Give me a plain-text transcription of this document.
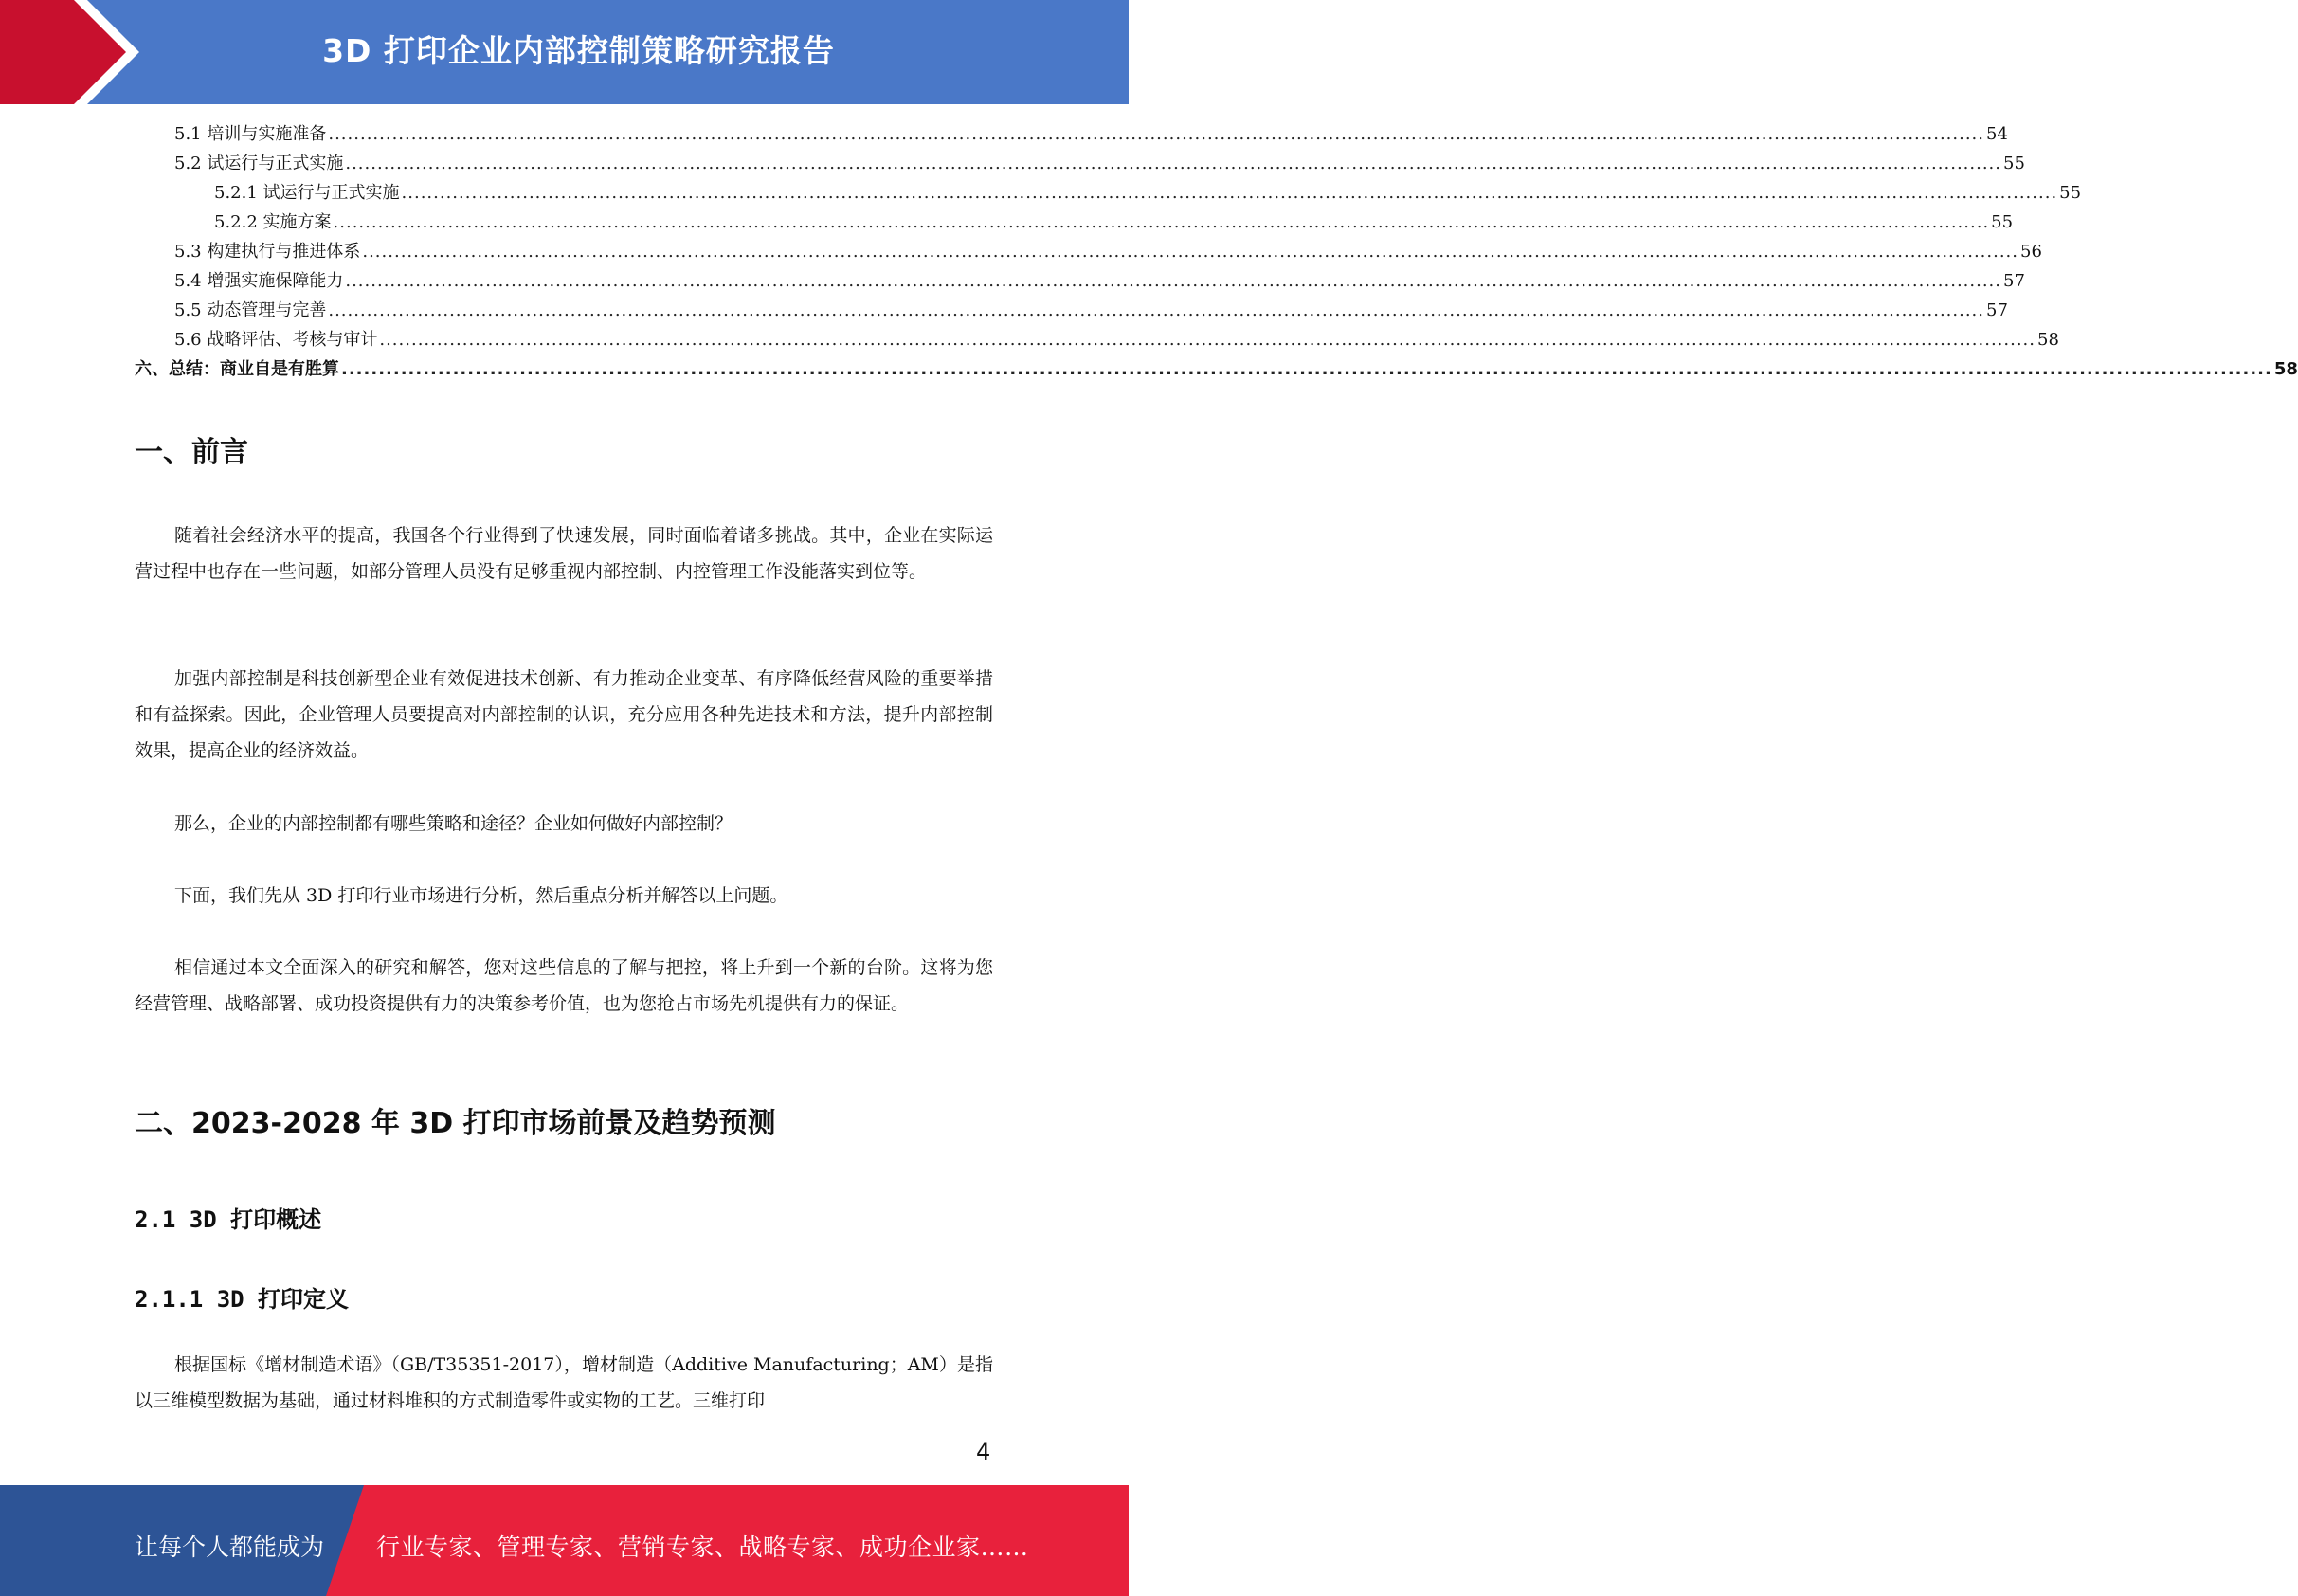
3D 打印企业内部控制策略研究报告
5.1 培训与实施准备 .................................................................................................................................................................................................................................................................... 54
5.2 试运行与正式实施 .................................................................................................................................................................................................................................................................... 55
5.2.1 试运行与正式实施 .................................................................................................................................................................................................................................................................... 55
5.2.2 实施方案 .................................................................................................................................................................................................................................................................... 55
5.3 构建执行与推进体系 .................................................................................................................................................................................................................................................................... 56
5.4 增强实施保障能力 .................................................................................................................................................................................................................................................................... 57
5.5 动态管理与完善 .................................................................................................................................................................................................................................................................... 57
5.6 战略评估、考核与审计 .................................................................................................................................................................................................................................................................... 58
六、总结：商业自是有胜算 .................................................................................................................................................................................................................................................................... 58
一、前言

随着社会经济水平的提高，我国各个行业得到了快速发展，同时面临着诸多挑战。其中，企业在实际运营过程中也存在一些问题，如部分管理人员没有足够重视内部控制、内控管理工作没能落实到位等。

加强内部控制是科技创新型企业有效促进技术创新、有力推动企业变革、有序降低经营风险的重要举措和有益探索。因此，企业管理人员要提高对内部控制的认识，充分应用各种先进技术和方法，提升内部控制效果，提高企业的经济效益。

那么，企业的内部控制都有哪些策略和途径？企业如何做好内部控制？

下面，我们先从 3D 打印行业市场进行分析，然后重点分析并解答以上问题。

相信通过本文全面深入的研究和解答，您对这些信息的了解与把控，将上升到一个新的台阶。这将为您经营管理、战略部署、成功投资提供有力的决策参考价值，也为您抢占市场先机提供有力的保证。

二、2023-2028 年 3D 打印市场前景及趋势预测
2.1 3D 打印概述
2.1.1 3D 打印定义

根据国标《增材制造术语》（GB/T35351-2017），增材制造（Additive Manufacturing；AM）是指以三维模型数据为基础，通过材料堆积的方式制造零件或实物的工艺。三维打印

4
让每个人都能成为 行业专家、管理专家、营销专家、战略专家、成功企业家……
